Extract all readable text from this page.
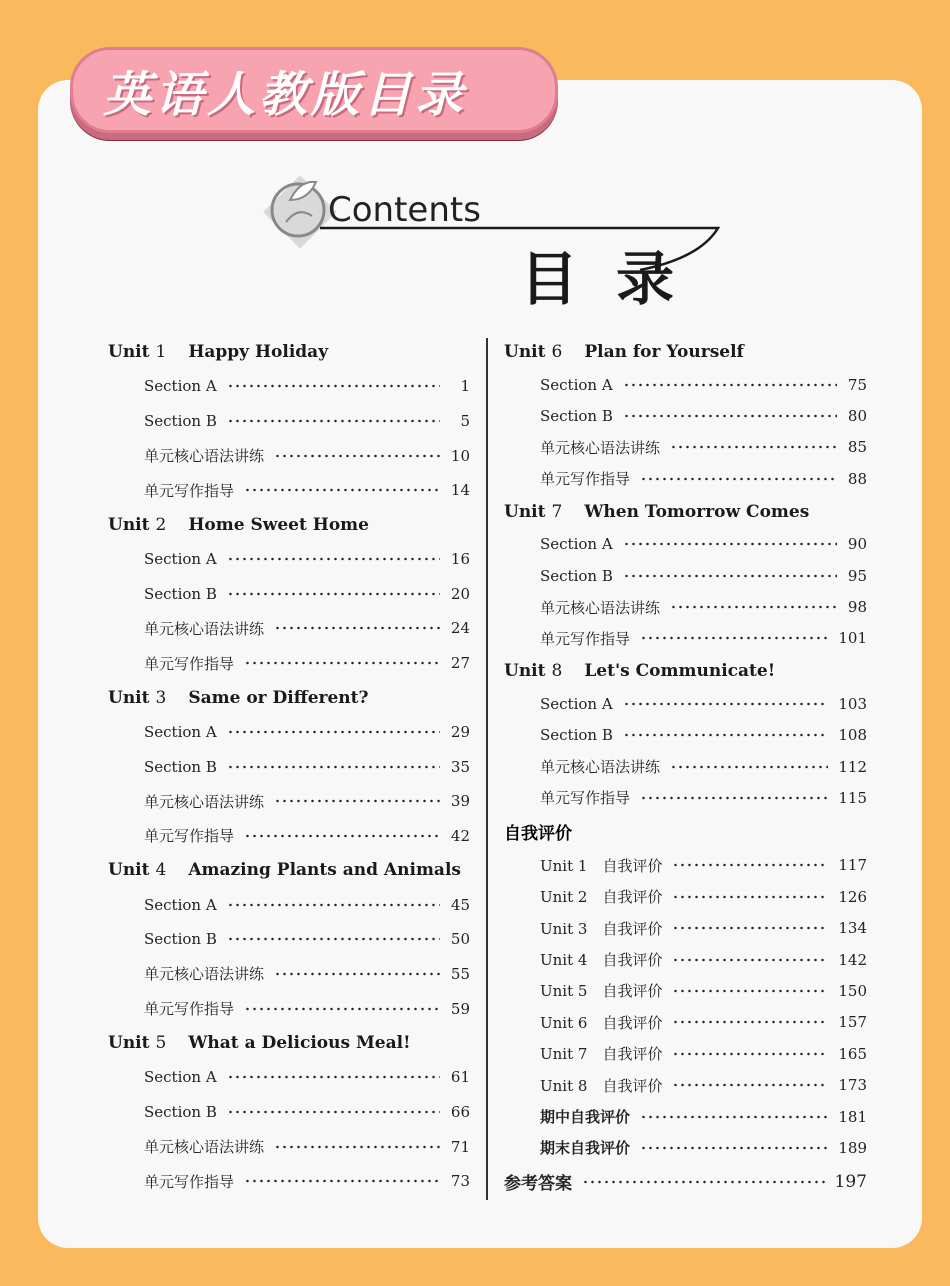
英语人教版目录
Contents
目录
Unit 1 Happy Holiday
Section A	1
Section B	5
单元核心语法讲练	10
单元写作指导	14
Unit 2 Home Sweet Home
Section A	16
Section B	20
单元核心语法讲练	24
单元写作指导	27
Unit 3 Same or Different?
Section A	29
Section B	35
单元核心语法讲练	39
单元写作指导	42
Unit 4 Amazing Plants and Animals
Section A	45
Section B	50
单元核心语法讲练	55
单元写作指导	59
Unit 5 What a Delicious Meal!
Section A	61
Section B	66
单元核心语法讲练	71
单元写作指导	73
Unit 6 Plan for Yourself
Section A	75
Section B	80
单元核心语法讲练	85
单元写作指导	88
Unit 7 When Tomorrow Comes
Section A	90
Section B	95
单元核心语法讲练	98
单元写作指导	101
Unit 8 Let's Communicate!
Section A	103
Section B	108
单元核心语法讲练	112
单元写作指导	115
自我评价
Unit 1　自我评价	117
Unit 2　自我评价	126
Unit 3　自我评价	134
Unit 4　自我评价	142
Unit 5　自我评价	150
Unit 6　自我评价	157
Unit 7　自我评价	165
Unit 8　自我评价	173
期中自我评价	181
期末自我评价	189
参考答案	197
